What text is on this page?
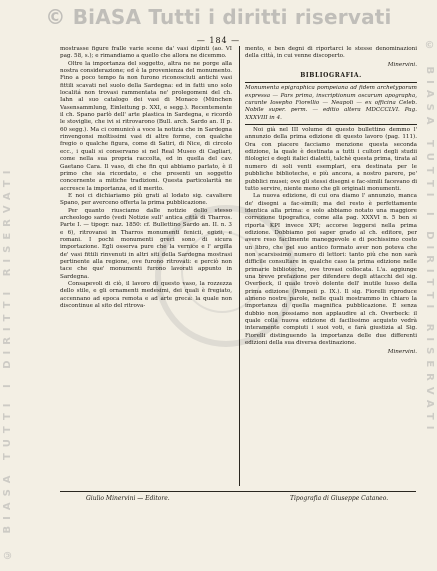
© BiASA Tutti i diritti riservati
© BIASA TUTTI I DIRITTI RISERVATI	© BIASA TUTTI I DIRITTI RISERVATI
— 184 —

mostrasse figure fralle varie scene da' vasi dipinti (ao. VI pag. 58, s.); e rimandiamo a quello che allora ne dicemmo.

Oltre la importanza del soggetto, altra ne ne porge alla nostra considerazione; ed è la provenienza del monumento. Fino a poco tempo fa non furono riconosciuti antichi vasi fittili scavati nel suolo della Sardegna: ed in fatti uno solo localitá non trovasi rammentata ne' prolegomeni del ch. Iahn al suo catalogo dei vasi di Monaco (München Vasensammlung, Einleitung p. XXI, e segg.). Recentemente il ch. Spano parlò dell' arte plastica in Sardegna, e ricordò le stoviglie, che ivi si ritrovarono (Bull. arch. Sardo an. II p. 60 segg.). Ma ci comunicò a voce la notizia che in Sardegna rinvengonsi moltissimi vasi di altre forme, con qualche fregio o qualche figura, come di Satiri, di Nice, di circolo ecc., i quali si conservano si nel Real Museo di Cagliari, come nella sua propria raccolta, ed in quella del cav. Gaetano Cara. Il vaso, di che fin qui abbiamo parlato, è il primo che sia ricordato, e che presenti un soggetto concernente a mitiche tradizioni. Questa particolarità ne accresce la importanza, ed il merito.

E noi ci dichiariamo più grati al lodato sig. cavaliere Spano, per averceno offerta la prima pubblicazione.

Per quanto riusciamo dalle notizie dello stesso archeologo sardo (vedi Notizie sull' antica città di Tharros. Parte I. — tipogr. naz. 1850: cf. Bullettino Sardo an. II. n. 3 e 6), ritrovansi in Tharros monumenti fenicii, egizii, e romani. I pochi monumenti greci sono di sicura importazione. Egli osserva pure che la vernice e l' argilla de' vasi fittili rinvenuti in altri siti della Sardegna mostrasi pertinente alla regione, ove furono ritrovati: e perciò non tace che que' monumenti furono lavorati appunto in Sardegna.

Consapevoli di ciò, il lavoro di questo vaso, la rozzezza dello stile, e gli ornamenti medesimi, dei quali è fregiato, accennano ad epoca remota e ad arte greca: la quale non discontinue al sito del ritrova-

mento, e ben degni di riportarci le stesse denominazioni della città, in cui venne discoperto.

Minervini.
BIBLIOGRAFIA.

Monumenta epigraphica pompeiana ad fidem archetyporum expressa — Pars prima, inscriptionum oscarum apographa, curante Iosepho Fiorellio — Neapoli — ex officina Celeb. Nobile super. perm. — editio altera MDCCCLVI. Pag. XXXVIII in 4.

Noi già nel III volume di questo bullettino demmo l' annunzio della prima edizione di questo lavoro (pag. 111). Ora con piacere facciamo menzione questa seconda edizione, la quale è destinata a tutti i cultori degli studii filologici e degli italici dialetti, talchè questa prima, tirata al numero di soli venti esemplari, era destinata per le pubbliche biblioteche, e più ancora, a nostro parere, pe' pubblici musei; ove gli stessi disegni e fac-simili facevano di tutto servire, niente meno che gli originali monumenti.

La nuova edizione, di cui ora diamo l' annunzio, manca de' disegni a fac-simili; ma del resto è perfettamente identica alla prima: e solo abbiamo notato una maggiore correzione tipografica, come alla pag. XXXVI n. 5 ben si riporta ΚΡΙ invece ΧΡΙ; accorse leggersi nella prima edizione. Dobbiamo poi saper grado al ch. editore, per avere reso facilmente maneggevole e di pochissimo costo un libro, che pel suo antico formato aver non poteva che non scarsissimo numero di lettori: tanto più che non sarà difficile consultare in qualche caso la prima edizione nelle primarie biblioteche, ove trovasi collocata. L'a. aggiunge una breve prefazione per difendere degli attacchi del sig. Overbeck, il quale trovò dolente dell' inutile lusso della prima edizione (Pompeii p. IX.). Il sig. Fiorelli riproduce almeno nostre parole, nelle quali mostrammo in chiaro la importanza di quella magnifica pubblicazione. E senza dubbio non possiamo non applaudire al ch. Overbeck: il quale colla nuova edizione di facilissimo acquisto vedrà interamente compiuti i suoi voti, e farà giustizia al Sig. Fiorelli distinguendo la importanza delle due differenti edizioni della sua diversa destinazione.

Minervini.
Giulio Minervini — Editore.	Tipografia di Giuseppe Cataneo.
